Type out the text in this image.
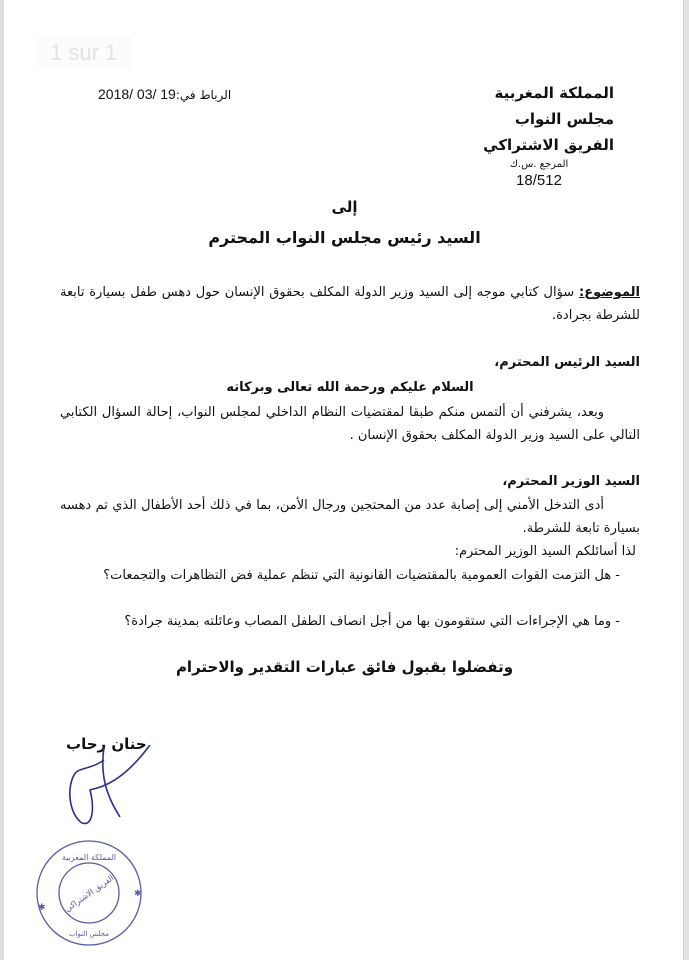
1 sur 1
المملكة المغربية
مجلس النواب
الفريق الاشتراكي
المرجع .س.ك
18/512
2018/ 03/ 19الرباط في:
إلى
السيد رئيس مجلس النواب المحترم
الموضوع: سؤال كتابي موجه إلى السيد وزير الدولة المكلف بحقوق الإنسان حول دهس طفل بسيارة تابعة للشرطة بجرادة.
السيد الرئيس المحترم،
السلام عليكم ورحمة الله تعالى وبركاته
وبعد، يشرفني أن ألتمس منكم طبقا لمقتضيات النظام الداخلي لمجلس النواب، إحالة السؤال الكتابي التالي على السيد وزير الدولة المكلف بحقوق الإنسان .
السيد الوزير المحترم،
أدى التدخل الأمني إلى إصابة عدد من المحتجين ورجال الأمن، بما في ذلك أحد الأطفال الذي تم دهسه بسيارة تابعة للشرطة.
لذا أسائلكم السيد الوزير المحترم:
- هل التزمت القوات العمومية بالمقتضيات القانونية التي تنظم عملية فض التظاهرات والتجمعات؟
- وما هي الإجراءات التي ستقومون بها من أجل انصاف الطفل المصاب وعائلته بمدينة جرادة؟
وتفضلوا بقبول فائق عبارات التقدير والاحترام
حنان رحاب
✱
✱
المملكة المغربية
الفريق الاشتراكي
مجلس النواب
